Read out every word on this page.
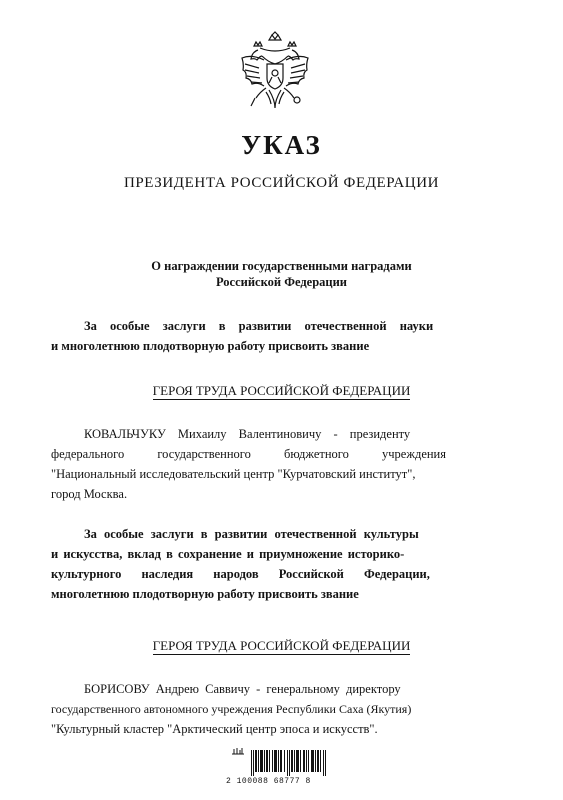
УКАЗ
ПРЕЗИДЕНТА РОССИЙСКОЙ ФЕДЕРАЦИИ
О награждении государственными наградами
Российской Федерации
За особые заслуги в развитии отечественной науки
и многолетнюю плодотворную работу присвоить звание
ГЕРОЯ ТРУДА РОССИЙСКОЙ ФЕДЕРАЦИИ
КОВАЛЬЧУКУ Михаилу Валентиновичу - президенту
федерального государственного бюджетного учреждения
"Национальный исследовательский центр "Курчатовский институт",
город Москва.
За особые заслуги в развитии отечественной культуры
и искусства, вклад в сохранение и приумножение историко-
культурного наследия народов Российской Федерации,
многолетнюю плодотворную работу присвоить звание
ГЕРОЯ ТРУДА РОССИЙСКОЙ ФЕДЕРАЦИИ
БОРИСОВУ Андрею Саввичу - генеральному директору
государственного автономного учреждения Республики Саха (Якутия)
"Культурный кластер "Арктический центр эпоса и искусств".
2 100088 68777 8
